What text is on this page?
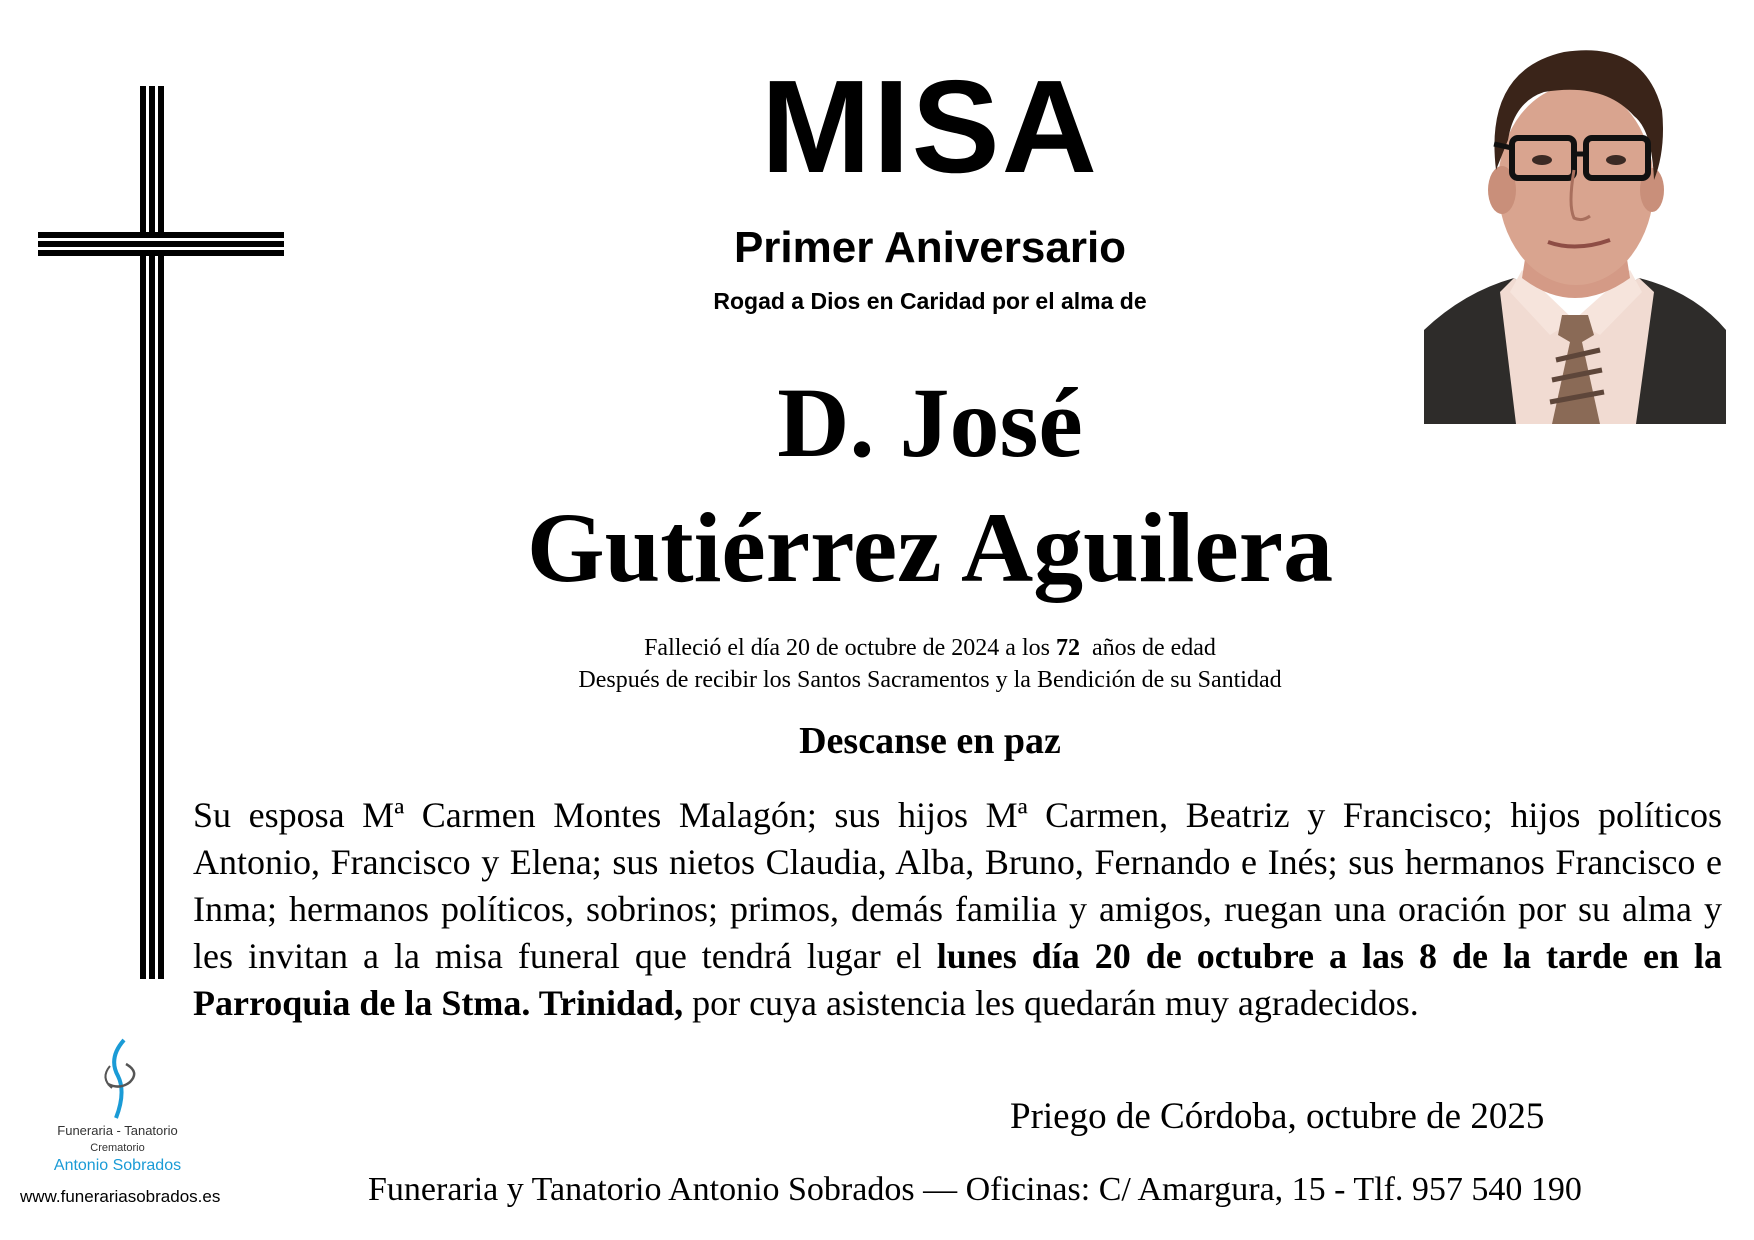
MISA
Primer Aniversario
Rogad a Dios en Caridad por el alma de
D. José
Gutiérrez Aguilera
Falleció el día 20 de octubre de 2024 a los 72 años de edad
Después de recibir los Santos Sacramentos y la Bendición de su Santidad
Descanse en paz
Su esposa Mª Carmen Montes Malagón; sus hijos Mª Carmen, Beatriz y Francisco; hijos políticos Antonio, Francisco y Elena; sus nietos Claudia, Alba, Bruno, Fernando e Inés; sus hermanos Francisco e Inma; hermanos políticos, sobrinos; primos, demás familia y amigos, ruegan una oración por su alma y les invitan a la misa funeral que tendrá lugar el lunes día 20 de octubre a las 8 de la tarde en la Parroquia de la Stma. Trinidad, por cuya asistencia les quedarán muy agradecidos.
Priego de Córdoba, octubre de 2025
Funeraria y Tanatorio Antonio Sobrados — Oficinas: C/ Amargura, 15 - Tlf. 957 540 190
Funeraria - Tanatorio
Crematorio
Antonio Sobrados
www.funerariasobrados.es
